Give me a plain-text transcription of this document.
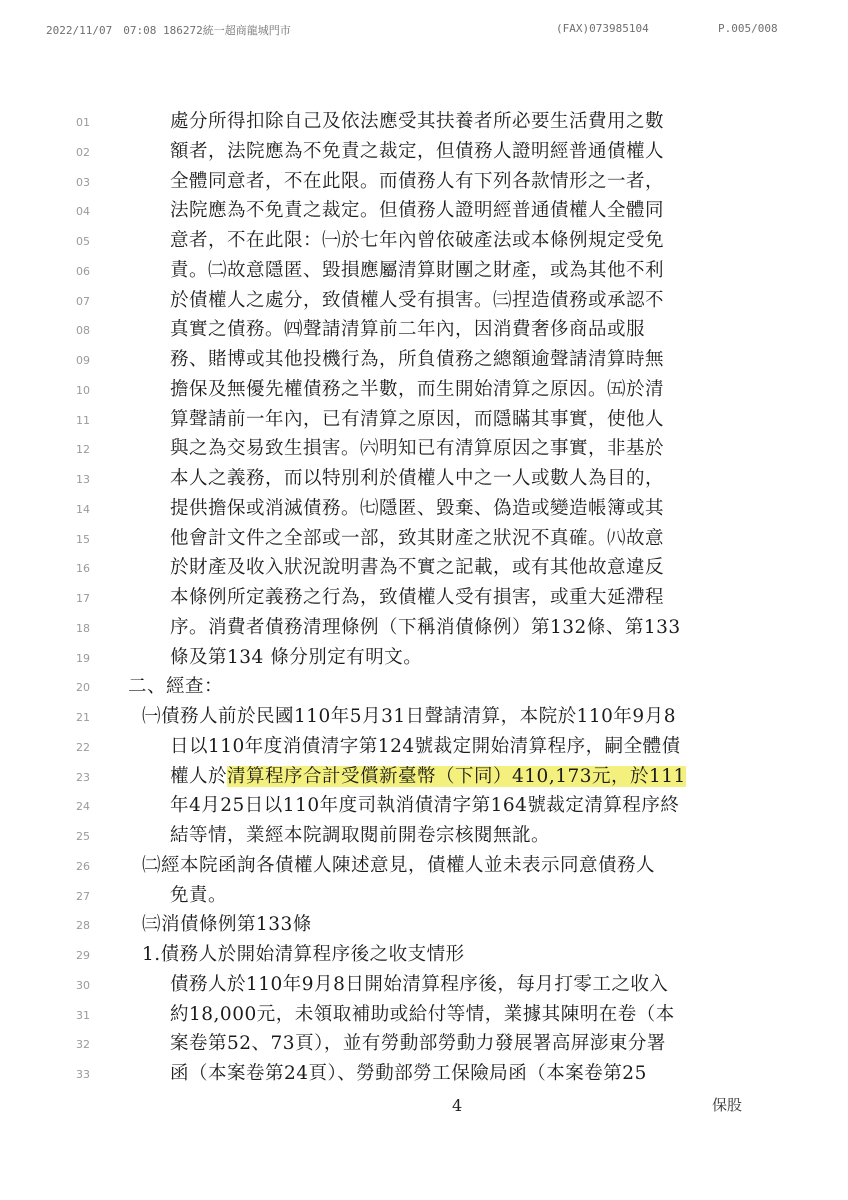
2022/11/07　07:08 186272統一超商龍城門市	(FAX)073985104	P.005/008
01	處分所得扣除自己及依法應受其扶養者所必要生活費用之數
02	額者，法院應為不免責之裁定，但債務人證明經普通債權人
03	全體同意者，不在此限。而債務人有下列各款情形之一者，
04	法院應為不免責之裁定。但債務人證明經普通債權人全體同
05	意者，不在此限：㈠於七年內曾依破產法或本條例規定受免
06	責。㈡故意隱匿、毀損應屬清算財團之財產，或為其他不利
07	於債權人之處分，致債權人受有損害。㈢捏造債務或承認不
08	真實之債務。㈣聲請清算前二年內，因消費奢侈商品或服
09	務、賭博或其他投機行為，所負債務之總額逾聲請清算時無
10	擔保及無優先權債務之半數，而生開始清算之原因。㈤於清
11	算聲請前一年內，已有清算之原因，而隱瞞其事實，使他人
12	與之為交易致生損害。㈥明知已有清算原因之事實，非基於
13	本人之義務，而以特別利於債權人中之一人或數人為目的，
14	提供擔保或消滅債務。㈦隱匿、毀棄、偽造或變造帳簿或其
15	他會計文件之全部或一部，致其財產之狀況不真確。㈧故意
16	於財產及收入狀況說明書為不實之記載，或有其他故意違反
17	本條例所定義務之行為，致債權人受有損害，或重大延滯程
18	序。消費者債務清理條例（下稱消債條例）第132條、第133
19	條及第134 條分別定有明文。
20	二、經查：
21	㈠債務人前於民國110年5月31日聲請清算，本院於110年9月8
22	日以110年度消債清字第124號裁定開始清算程序，嗣全體債
23	權人於清算程序合計受償新臺幣（下同）410,173元，於111
24	年4月25日以110年度司執消債清字第164號裁定清算程序終
25	結等情，業經本院調取閱前開卷宗核閱無訛。
26	㈡經本院函詢各債權人陳述意見，債權人並未表示同意債務人
27	免責。
28	㈢消債條例第133條
29	1.債務人於開始清算程序後之收支情形
30	債務人於110年9月8日開始清算程序後，每月打零工之收入
31	約18,000元，未領取補助或給付等情，業據其陳明在卷（本
32	案卷第52、73頁），並有勞動部勞動力發展署高屏澎東分署
33	函（本案卷第24頁）、勞動部勞工保險局函（本案卷第25
4	保股
